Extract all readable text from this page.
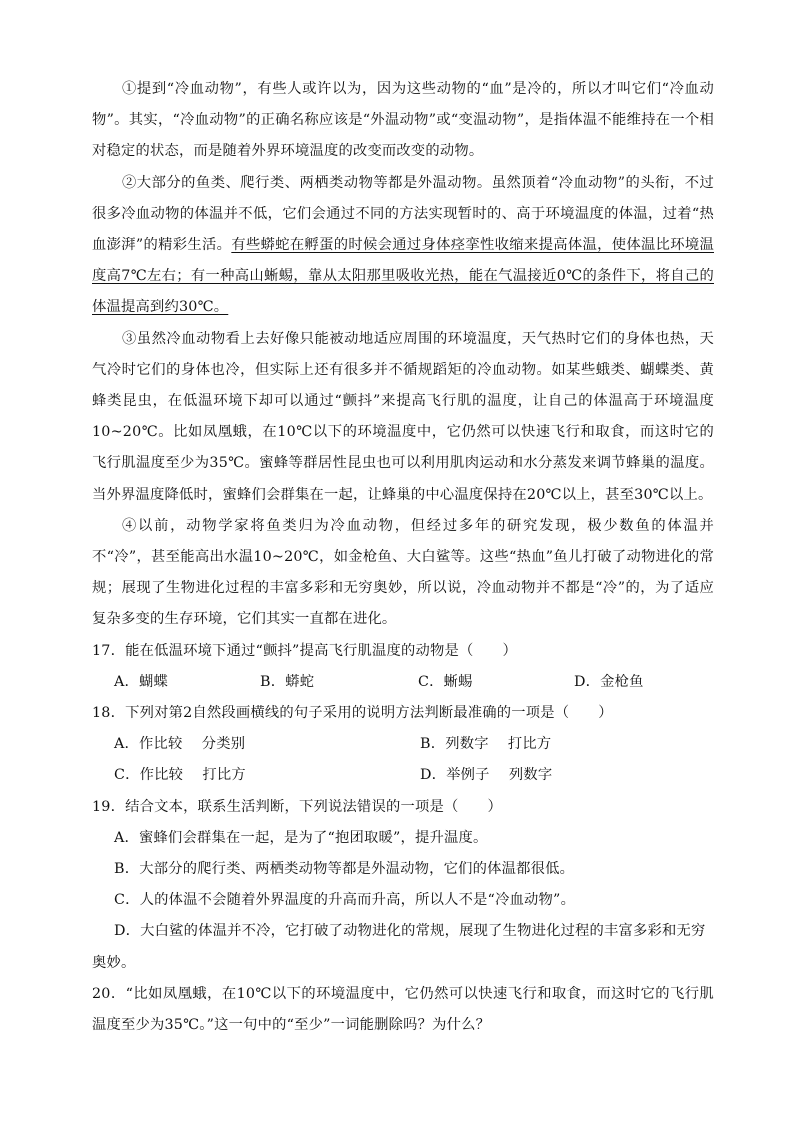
①提到“冷血动物”，有些人或许以为，因为这些动物的“血”是冷的，所以才叫它们“冷血动物”。其实，“冷血动物”的正确名称应该是“外温动物”或“变温动物”，是指体温不能维持在一个相对稳定的状态，而是随着外界环境温度的改变而改变的动物。

②大部分的鱼类、爬行类、两栖类动物等都是外温动物。虽然顶着“冷血动物”的头衔，不过很多冷血动物的体温并不低，它们会通过不同的方法实现暂时的、高于环境温度的体温，过着“热血澎湃”的精彩生活。有些蟒蛇在孵蛋的时候会通过身体痉挛性收缩来提高体温，使体温比环境温度高7℃左右；有一种高山蜥蜴，靠从太阳那里吸收光热，能在气温接近0℃的条件下，将自己的体温提高到约30℃。

③虽然冷血动物看上去好像只能被动地适应周围的环境温度，天气热时它们的身体也热，天气冷时它们的身体也冷，但实际上还有很多并不循规蹈矩的冷血动物。如某些蛾类、蝴蝶类、黄蜂类昆虫，在低温环境下却可以通过“颤抖”来提高飞行肌的温度，让自己的体温高于环境温度10~20℃。比如凤凰蛾，在10℃以下的环境温度中，它仍然可以快速飞行和取食，而这时它的飞行肌温度至少为35℃。蜜蜂等群居性昆虫也可以利用肌肉运动和水分蒸发来调节蜂巢的温度。当外界温度降低时，蜜蜂们会群集在一起，让蜂巢的中心温度保持在20℃以上，甚至30℃以上。

④以前，动物学家将鱼类归为冷血动物，但经过多年的研究发现，极少数鱼的体温并不“冷”，甚至能高出水温10~20℃，如金枪鱼、大白鲨等。这些“热血”鱼儿打破了动物进化的常规；展现了生物进化过程的丰富多彩和无穷奥妙，所以说，冷血动物并不都是“冷”的，为了适应复杂多变的生存环境，它们其实一直都在进化。

17．能在低温环境下通过“颤抖”提高飞行肌温度的动物是（　　）

A．蝴蝶	B．蟒蛇	C．蜥蜴	D．金枪鱼

18．下列对第2自然段画横线的句子采用的说明方法判断最准确的一项是（　　）

A．作比较　 分类别	B．列数字　 打比方
C．作比较　 打比方	D．举例子　 列数字

19．结合文本，联系生活判断，下列说法错误的一项是（　　）

A．蜜蜂们会群集在一起，是为了“抱团取暖”，提升温度。

B．大部分的爬行类、两栖类动物等都是外温动物，它们的体温都很低。

C．人的体温不会随着外界温度的升高而升高，所以人不是“冷血动物”。

D．大白鲨的体温并不冷，它打破了动物进化的常规，展现了生物进化过程的丰富多彩和无穷

奥妙。

20．“比如凤凰蛾，在10℃以下的环境温度中，它仍然可以快速飞行和取食，而这时它的飞行肌温度至少为35℃。”这一句中的“至少”一词能删除吗？为什么？
